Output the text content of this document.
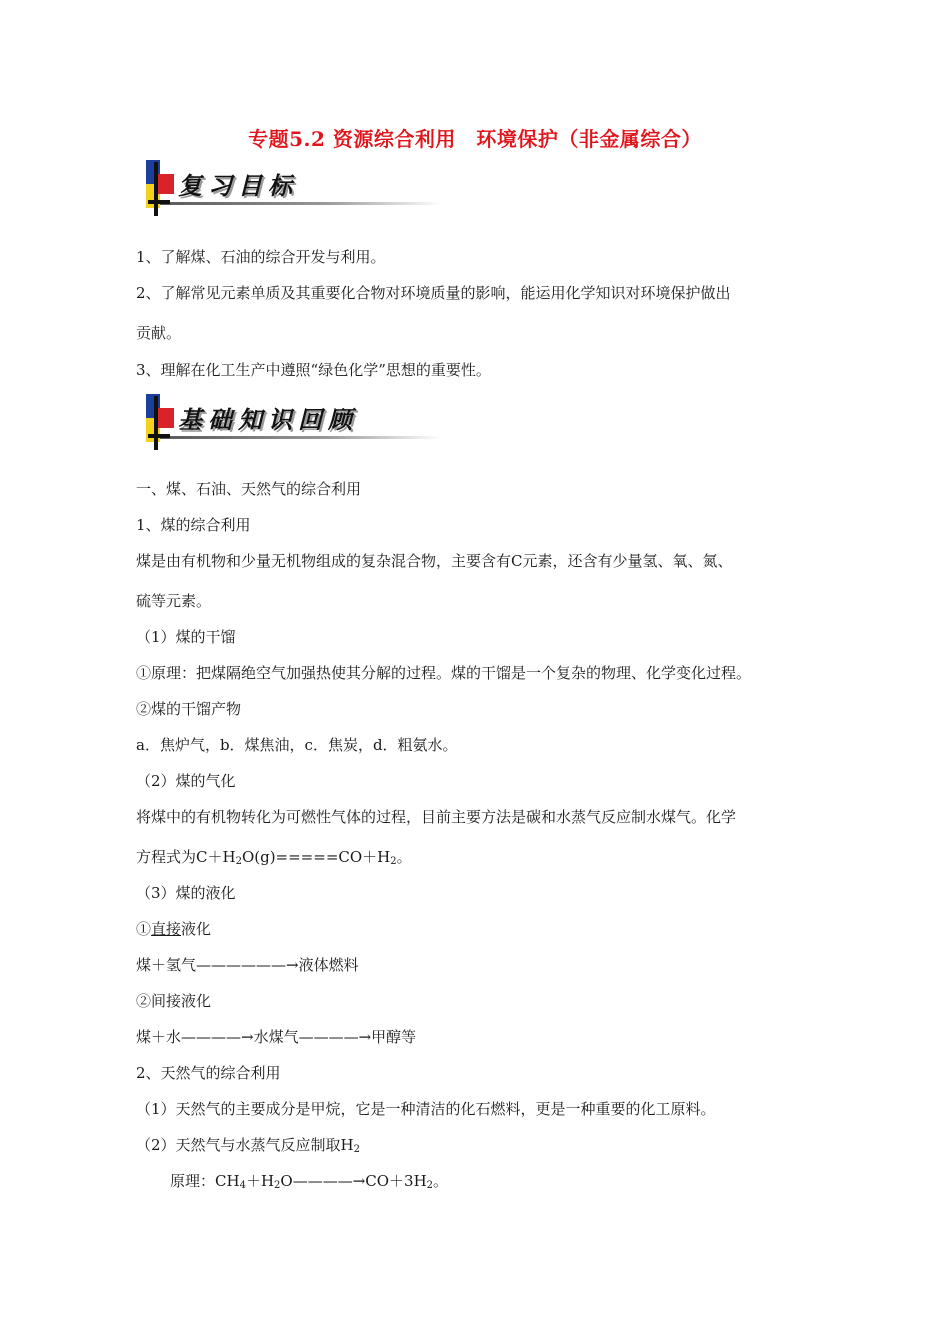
专题5.2 资源综合利用　环境保护（非金属综合）
复习目标
1、了解煤、石油的综合开发与利用。
2、了解常见元素单质及其重要化合物对环境质量的影响，能运用化学知识对环境保护做出
贡献。
3、理解在化工生产中遵照“绿色化学”思想的重要性。
基础知识回顾
一、煤、石油、天然气的综合利用
1、煤的综合利用
煤是由有机物和少量无机物组成的复杂混合物，主要含有C元素，还含有少量氢、氧、氮、
硫等元素。
（1）煤的干馏
①原理：把煤隔绝空气加强热使其分解的过程。煤的干馏是一个复杂的物理、化学变化过程。
②煤的干馏产物
a．焦炉气，b．煤焦油，c．焦炭，d．粗氨水。
（2）煤的气化
将煤中的有机物转化为可燃性气体的过程，目前主要方法是碳和水蒸气反应制水煤气。化学
方程式为$C+H_2O(g)=====CO+H_2$。
（3）煤的液化
①直接液化
煤＋氢气——————→液体燃料
②间接液化
煤＋水————→水煤气————→甲醇等
2、天然气的综合利用
（1）天然气的主要成分是甲烷，它是一种清洁的化石燃料，更是一种重要的化工原料。
（2）天然气与水蒸气反应制取$H_2$
原理：$CH_4+H_2O————\to CO+3H_2$。
